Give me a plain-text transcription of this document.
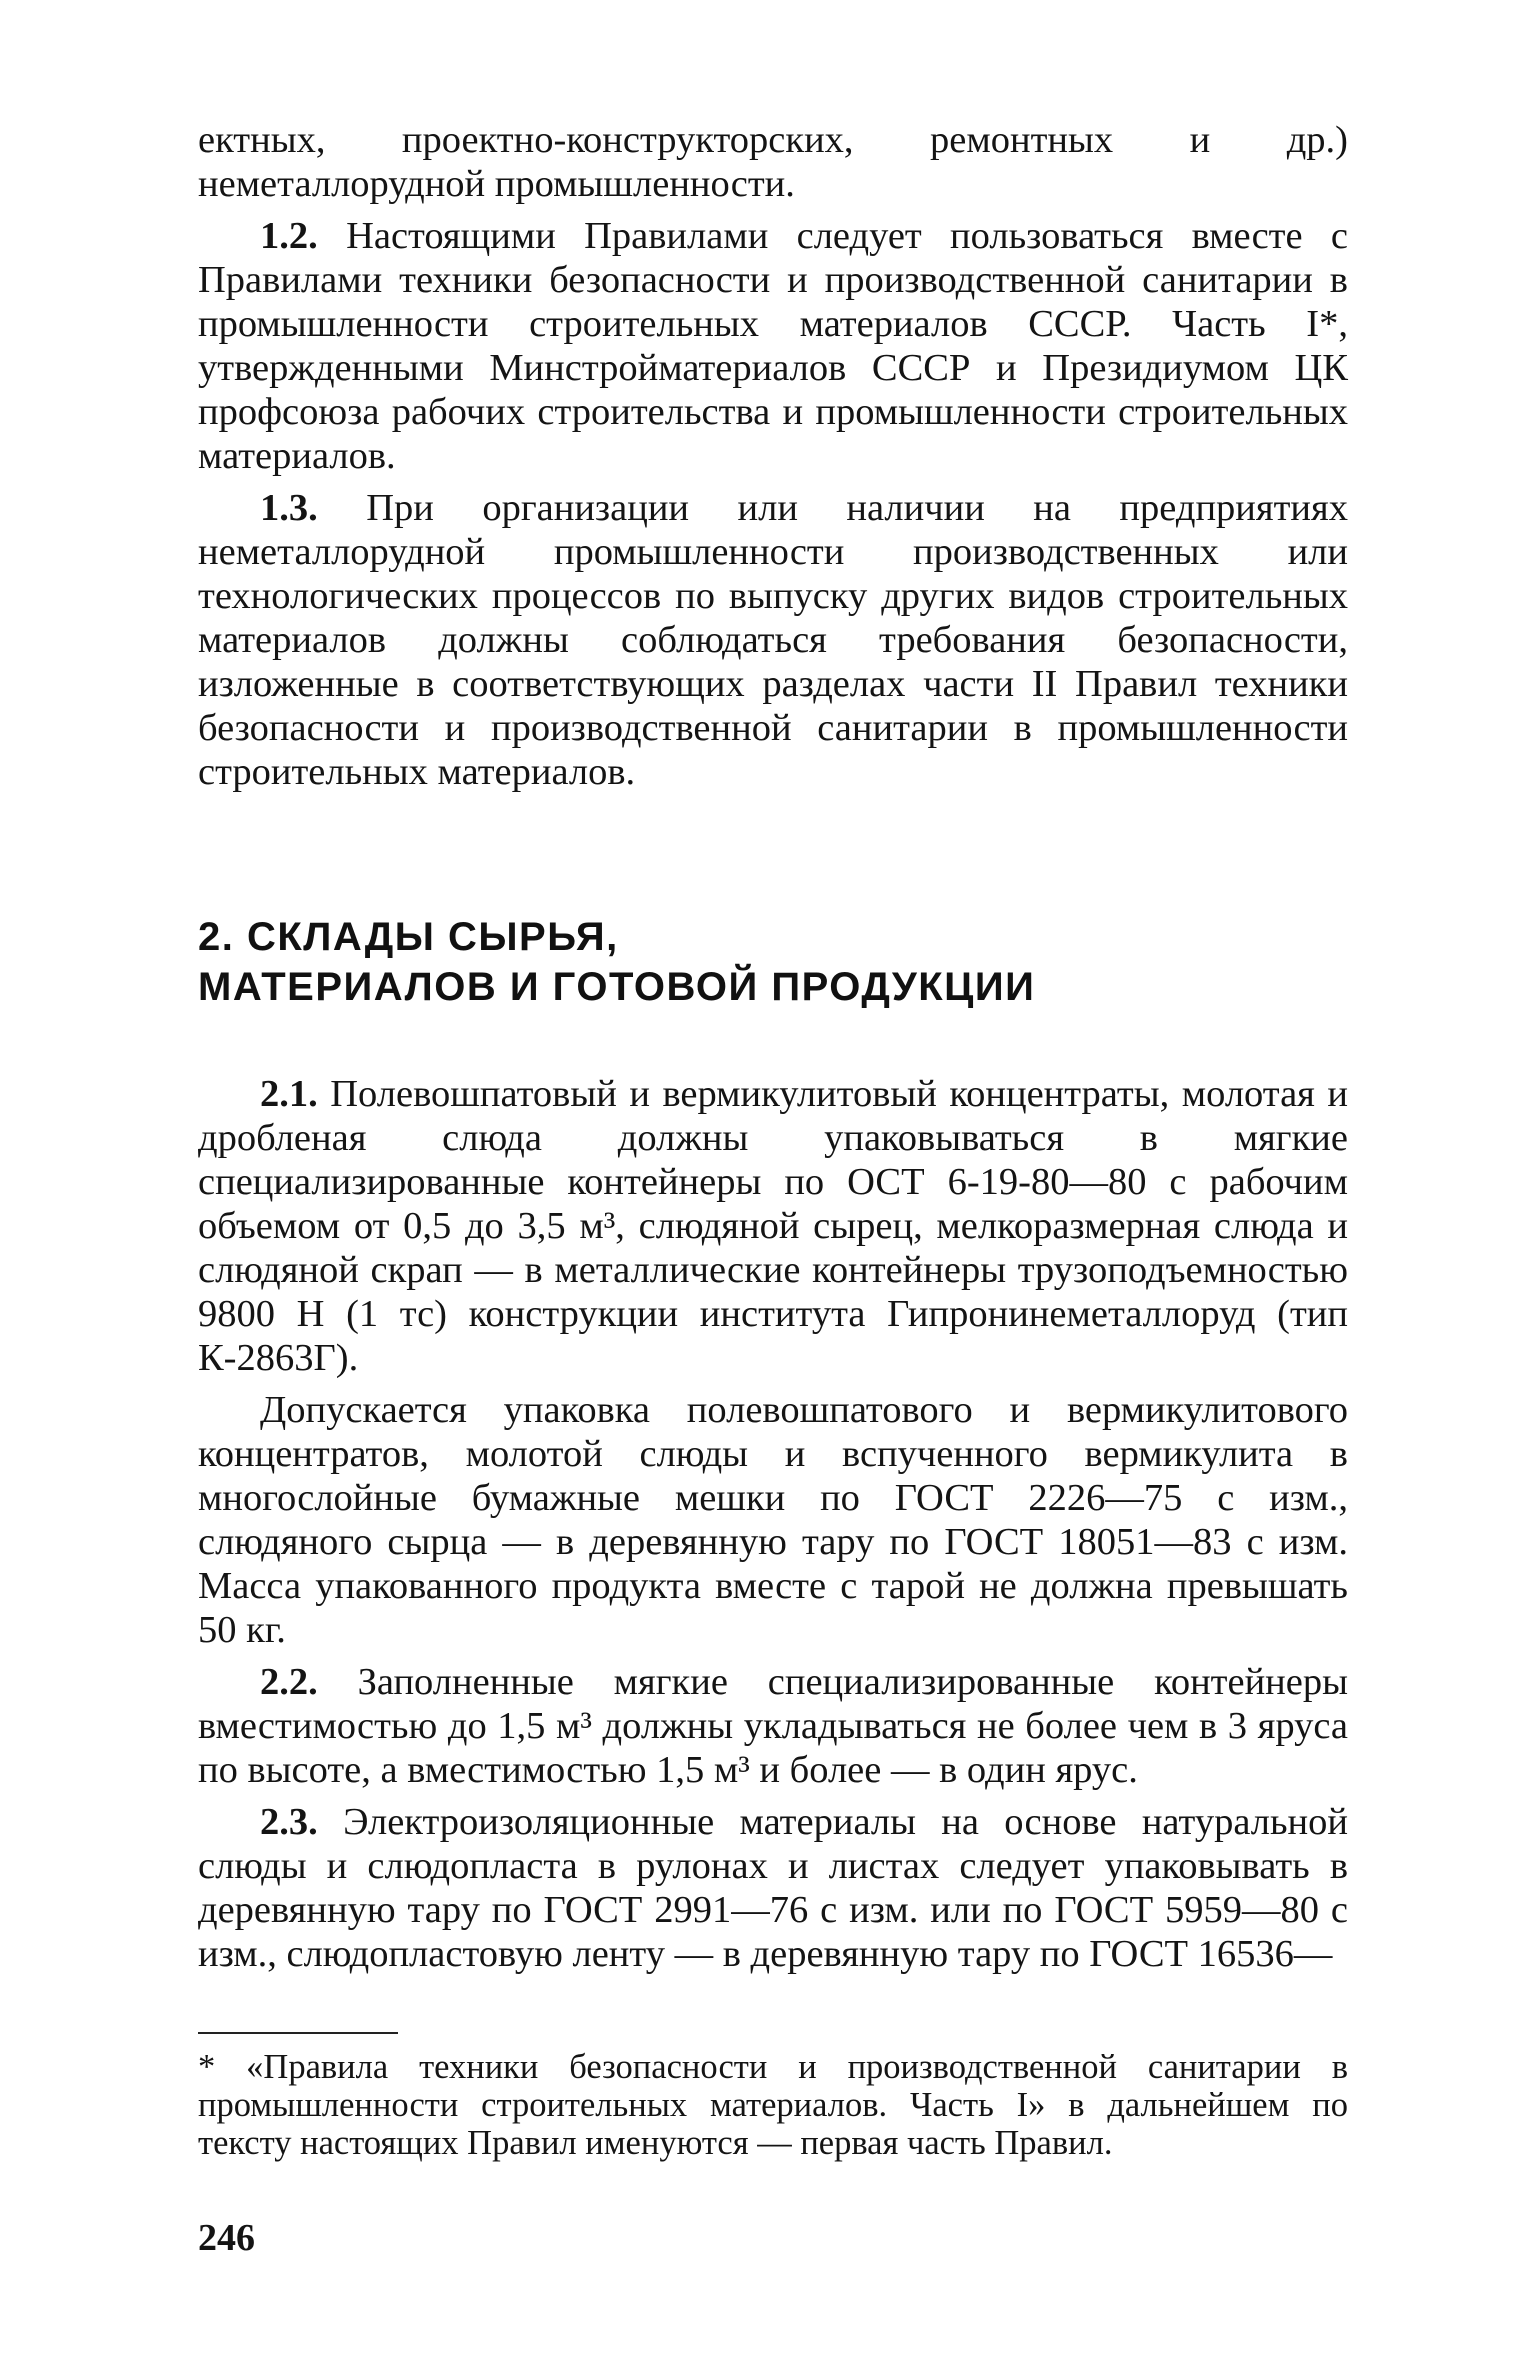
ектных, проектно-конструкторских, ремонтных и др.) неметаллорудной промышленности.

1.2. Настоящими Правилами следует пользоваться вместе с Правилами техники безопасности и производственной санитарии в промышленности строительных материалов СССР. Часть I*, утвержденными Минстройматериалов СССР и Президиумом ЦК профсоюза рабочих строительства и промышленности строительных материалов.

1.3. При организации или наличии на предприятиях неметаллорудной промышленности производственных или технологических процессов по выпуску других видов строительных материалов должны соблюдаться требования безопасности, изложенные в соответствующих разделах части II Правил техники безопасности и производственной санитарии в промышленности строительных материалов.

2. СКЛАДЫ СЫРЬЯ,
МАТЕРИАЛОВ И ГОТОВОЙ ПРОДУКЦИИ

2.1. Полевошпатовый и вермикулитовый концентраты, молотая и дробленая слюда должны упаковываться в мягкие специализированные контейнеры по ОСТ 6-19-80—80 с рабочим объемом от 0,5 до 3,5 м³, слюдяной сырец, мелкоразмерная слюда и слюдяной скрап — в металлические контейнеры трузоподъемностью 9800 Н (1 тс) конструкции института Гипронинеметаллоруд (тип К-2863Г).

Допускается упаковка полевошпатового и вермикулитового концентратов, молотой слюды и вспученного вермикулита в многослойные бумажные мешки по ГОСТ 2226—75 с изм., слюдяного сырца — в деревянную тару по ГОСТ 18051—83 с изм. Масса упакованного продукта вместе с тарой не должна превышать 50 кг.

2.2. Заполненные мягкие специализированные контейнеры вместимостью до 1,5 м³ должны укладываться не более чем в 3 яруса по высоте, а вместимостью 1,5 м³ и более — в один ярус.

2.3. Электроизоляционные материалы на основе натуральной слюды и слюдопласта в рулонах и листах следует упаковывать в деревянную тару по ГОСТ 2991—76 с изм. или по ГОСТ 5959—80 с изм., слюдопластовую ленту — в деревянную тару по ГОСТ 16536—

* «Правила техники безопасности и производственной санитарии в промышленности строительных материалов. Часть I» в дальнейшем по тексту настоящих Правил именуются — первая часть Правил.

246
